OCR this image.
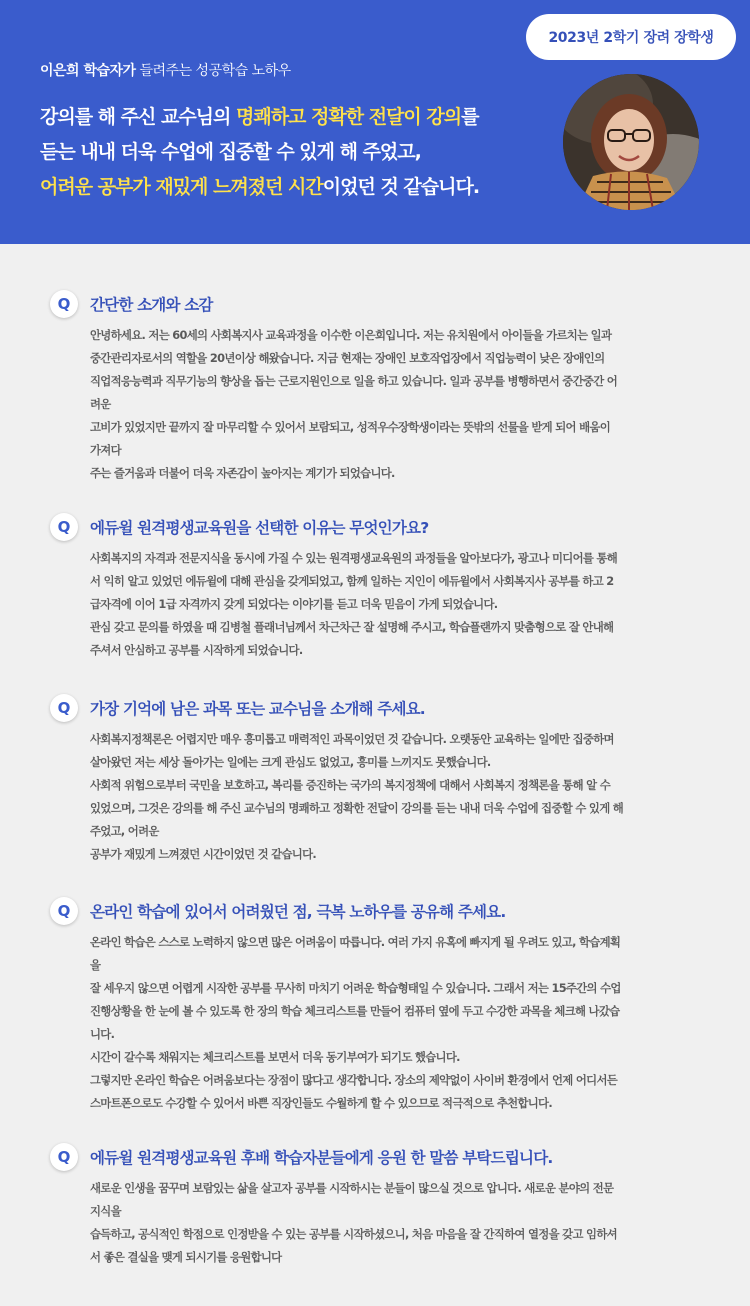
2023년 2학기 장려 장학생
이은희 학습자가 들려주는 성공학습 노하우
강의를 해 주신 교수님의 명쾌하고 정확한 전달이 강의를
듣는 내내 더욱 수업에 집중할 수 있게 해 주었고,
어려운 공부가 재밌게 느껴졌던 시간이었던 것 같습니다.
Q	간단한 소개와 소감

안녕하세요. 저는 60세의 사회복지사 교육과정을 이수한 이은희입니다. 저는 유치원에서 아이들을 가르치는 일과

중간관리자로서의 역할을 20년이상 해왔습니다. 지금 현재는 장애인 보호작업장에서 직업능력이 낮은 장애인의

직업적응능력과 직무기능의 향상을 돕는 근로지원인으로 일을 하고 있습니다. 일과 공부를 병행하면서 중간중간 어

려운

고비가 있었지만 끝까지 잘 마무리할 수 있어서 보람되고, 성적우수장학생이라는 뜻밖의 선물을 받게 되어 배움이

가져다

주는 즐거움과 더불어 더욱 자존감이 높아지는 계기가 되었습니다.

Q	에듀윌 원격평생교육원을 선택한 이유는 무엇인가요?

사회복지의 자격과 전문지식을 동시에 가질 수 있는 원격평생교육원의 과정들을 알아보다가, 광고나 미디어를 통해

서 익히 알고 있었던 에듀윌에 대해 관심을 갖게되었고, 함께 일하는 지인이 에듀윌에서 사회복지사 공부를 하고 2

급자격에 이어 1급 자격까지 갖게 되었다는 이야기를 듣고 더욱 믿음이 가게 되었습니다.

관심 갖고 문의를 하였을 때 김병철 플래너님께서 차근차근 잘 설명해 주시고, 학습플랜까지 맞춤형으로 잘 안내해

주셔서 안심하고 공부를 시작하게 되었습니다.

Q	가장 기억에 남은 과목 또는 교수님을 소개해 주세요.

사회복지정책론은 어렵지만 매우 흥미롭고 매력적인 과목이었던 것 같습니다. 오랫동안 교육하는 일에만 집중하며

살아왔던 저는 세상 돌아가는 일에는 크게 관심도 없었고, 흥미를 느끼지도 못했습니다.

사회적 위험으로부터 국민을 보호하고, 복리를 증진하는 국가의 복지정책에 대해서 사회복지 정책론을 통해 알 수

있었으며, 그것은 강의를 해 주신 교수님의 명쾌하고 정확한 전달이 강의를 듣는 내내 더욱 수업에 집중할 수 있게 해

주었고, 어려운

공부가 재밌게 느껴졌던 시간이었던 것 같습니다.

Q	온라인 학습에 있어서 어려웠던 점, 극복 노하우를 공유해 주세요.

온라인 학습은 스스로 노력하지 않으면 많은 어려움이 따릅니다. 여러 가지 유혹에 빠지게 될 우려도 있고, 학습계획

을

잘 세우지 않으면 어렵게 시작한 공부를 무사히 마치기 어려운 학습형태일 수 있습니다. 그래서 저는 15주간의 수업

진행상황을 한 눈에 볼 수 있도록 한 장의 학습 체크리스트를 만들어 컴퓨터 옆에 두고 수강한 과목을 체크해 나갔습

니다.

시간이 갈수록 채워지는 체크리스트를 보면서 더욱 동기부여가 되기도 했습니다.

그렇지만 온라인 학습은 어려움보다는 장점이 많다고 생각합니다. 장소의 제약없이 사이버 환경에서 언제 어디서든

스마트폰으로도 수강할 수 있어서 바쁜 직장인들도 수월하게 할 수 있으므로 적극적으로 추천합니다.

Q	에듀윌 원격평생교육원 후배 학습자분들에게 응원 한 말씀 부탁드립니다.

새로운 인생을 꿈꾸며 보람있는 삶을 살고자 공부를 시작하시는 분들이 많으실 것으로 압니다. 새로운 분야의 전문

지식을

습득하고, 공식적인 학점으로 인정받을 수 있는 공부를 시작하셨으니, 처음 마음을 잘 간직하여 열정을 갖고 임하셔

서 좋은 결실을 맺게 되시기를 응원합니다
